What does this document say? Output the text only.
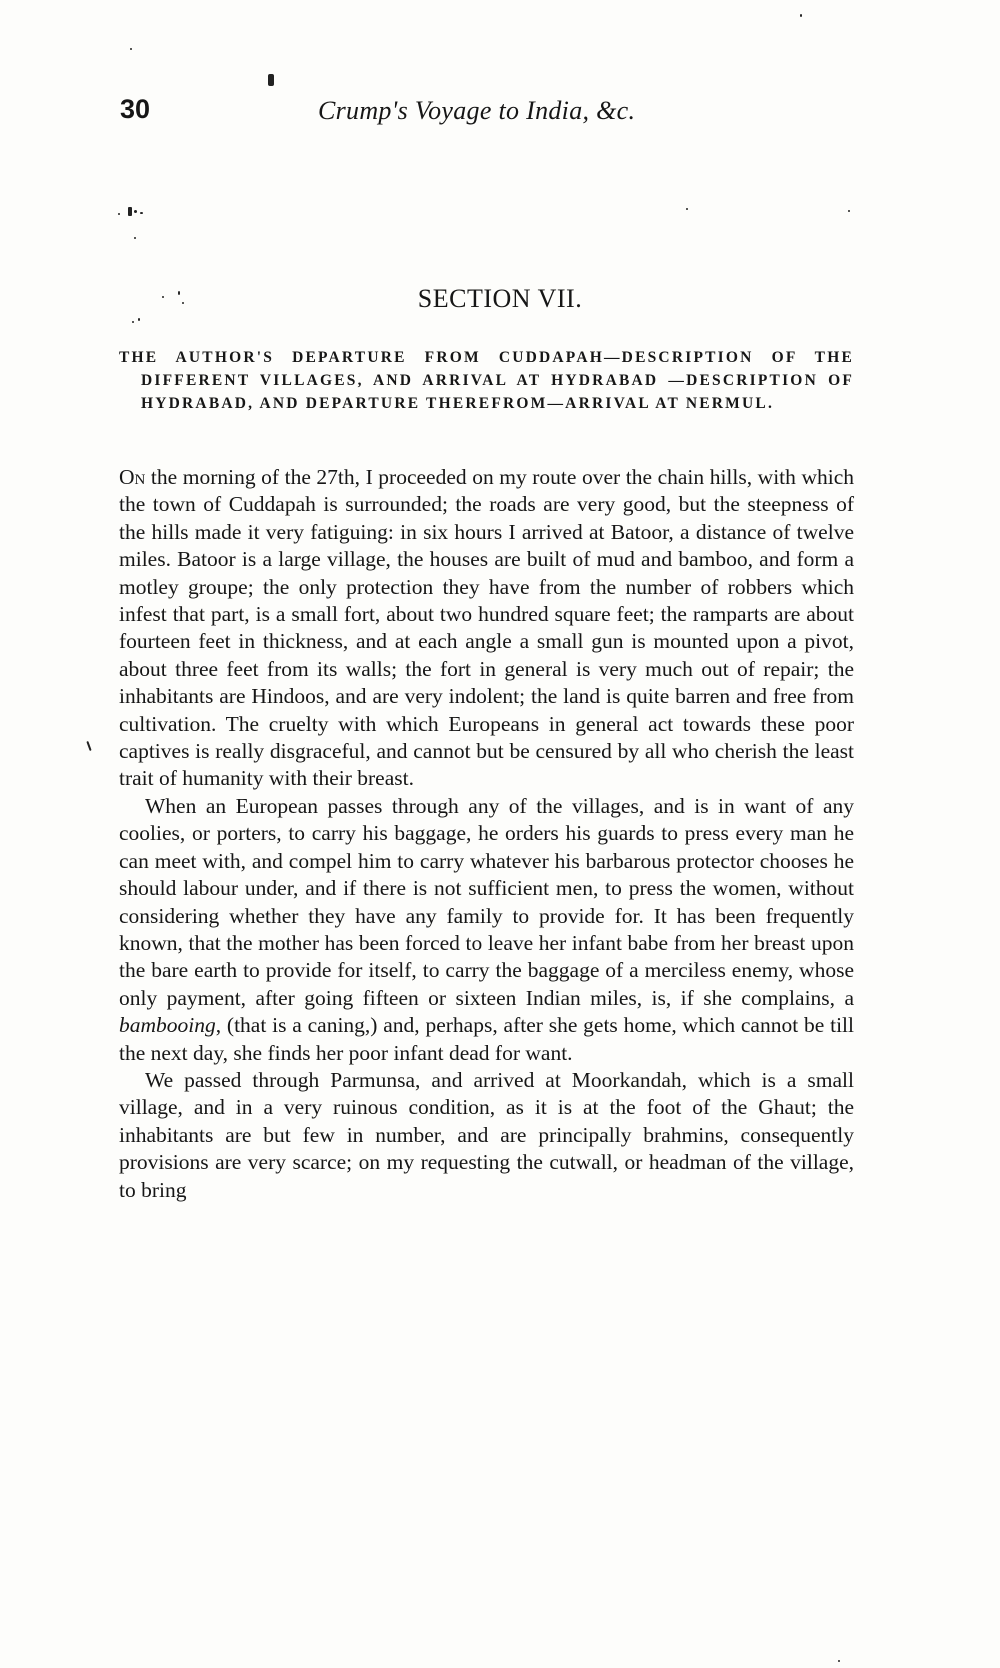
30	Crump's Voyage to India, &c.
SECTION VII.
THE AUTHOR'S DEPARTURE FROM CUDDAPAH—DESCRIPTION OF THE DIFFERENT VILLAGES, AND ARRIVAL AT HYDRABAD —DESCRIPTION OF HYDRABAD, AND DEPARTURE THEREFROM—ARRIVAL AT NERMUL.

On the morning of the 27th, I proceeded on my route over the chain hills, with which the town of Cuddapah is surrounded; the roads are very good, but the steepness of the hills made it very fatiguing: in six hours I arrived at Batoor, a distance of twelve miles. Batoor is a large village, the houses are built of mud and bamboo, and form a motley groupe; the only protection they have from the number of robbers which infest that part, is a small fort, about two hundred square feet; the ramparts are about fourteen feet in thickness, and at each angle a small gun is mounted upon a pivot, about three feet from its walls; the fort in general is very much out of repair; the inhabitants are Hindoos, and are very indolent; the land is quite barren and free from cultivation. The cruelty with which Europeans in general act towards these poor captives is really disgraceful, and cannot but be censured by all who cherish the least trait of humanity with their breast.

When an European passes through any of the villages, and is in want of any coolies, or porters, to carry his baggage, he orders his guards to press every man he can meet with, and compel him to carry whatever his barbarous protector chooses he should labour under, and if there is not sufficient men, to press the women, without considering whether they have any family to provide for. It has been frequently known, that the mother has been forced to leave her infant babe from her breast upon the bare earth to provide for itself, to carry the baggage of a merciless enemy, whose only payment, after going fifteen or sixteen Indian miles, is, if she complains, a bambooing, (that is a caning,) and, perhaps, after she gets home, which cannot be till the next day, she finds her poor infant dead for want.

We passed through Parmunsa, and arrived at Moorkandah, which is a small village, and in a very ruinous condition, as it is at the foot of the Ghaut; the inhabitants are but few in number, and are principally brahmins, consequently provisions are very scarce; on my requesting the cutwall, or headman of the village, to bring
